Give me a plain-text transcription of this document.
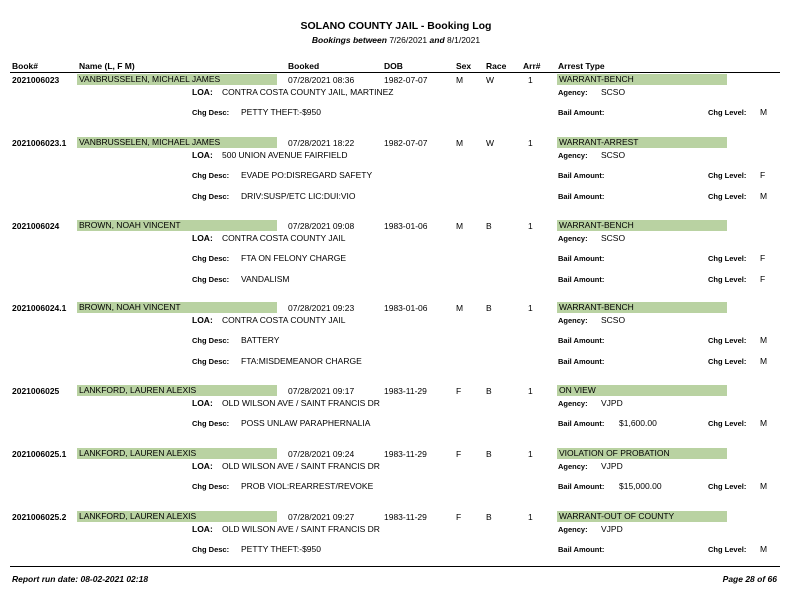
SOLANO COUNTY JAIL - Booking Log
Bookings between 7/26/2021 and 8/1/2021
Book#	Name (L, F M)	Booked	DOB	Sex Race Arr# Arrest Type
2021006023 VANBRUSSELEN, MICHAEL JAMES	07/28/2021 08:36	1982-07-07	M	W	1	WARRANT-BENCH
LOA: CONTRA COSTA COUNTY JAIL, MARTINEZ	Agency: SCSO
Chg Desc: PETTY THEFT:-$950	Bail Amount:	Chg Level: M
2021006023.1 VANBRUSSELEN, MICHAEL JAMES	07/28/2021 18:22	1982-07-07	M	W	1	WARRANT-ARREST
LOA: 500 UNION AVENUE FAIRFIELD	Agency: SCSO
Chg Desc: EVADE PO:DISREGARD SAFETY	Bail Amount:	Chg Level: F
Chg Desc: DRIV:SUSP/ETC LIC:DUI:VIO	Bail Amount:	Chg Level: M
2021006024 BROWN, NOAH VINCENT	07/28/2021 09:08	1983-01-06	M	B	1	WARRANT-BENCH
LOA: CONTRA COSTA COUNTY JAIL	Agency: SCSO
Chg Desc: FTA ON FELONY CHARGE	Bail Amount:	Chg Level: F
Chg Desc: VANDALISM	Bail Amount:	Chg Level: F
2021006024.1 BROWN, NOAH VINCENT	07/28/2021 09:23	1983-01-06	M	B	1	WARRANT-BENCH
LOA: CONTRA COSTA COUNTY JAIL	Agency: SCSO
Chg Desc: BATTERY	Bail Amount:	Chg Level: M
Chg Desc: FTA:MISDEMEANOR CHARGE	Bail Amount:	Chg Level: M
2021006025 LANKFORD, LAUREN ALEXIS	07/28/2021 09:17	1983-11-29	F	B	1	ON VIEW
LOA: OLD WILSON AVE / SAINT FRANCIS DR	Agency: VJPD
Chg Desc: POSS UNLAW PARAPHERNALIA	Bail Amount: $1,600.00	Chg Level: M
2021006025.1 LANKFORD, LAUREN ALEXIS	07/28/2021 09:24	1983-11-29	F	B	1	VIOLATION OF PROBATION
LOA: OLD WILSON AVE / SAINT FRANCIS DR	Agency: VJPD
Chg Desc: PROB VIOL:REARREST/REVOKE	Bail Amount: $15,000.00	Chg Level: M
2021006025.2 LANKFORD, LAUREN ALEXIS	07/28/2021 09:27	1983-11-29	F	B	1	WARRANT-OUT OF COUNTY
LOA: OLD WILSON AVE / SAINT FRANCIS DR	Agency: VJPD
Chg Desc: PETTY THEFT:-$950	Bail Amount:	Chg Level: M
Report run date: 08-02-2021 02:18	Page 28 of 66
